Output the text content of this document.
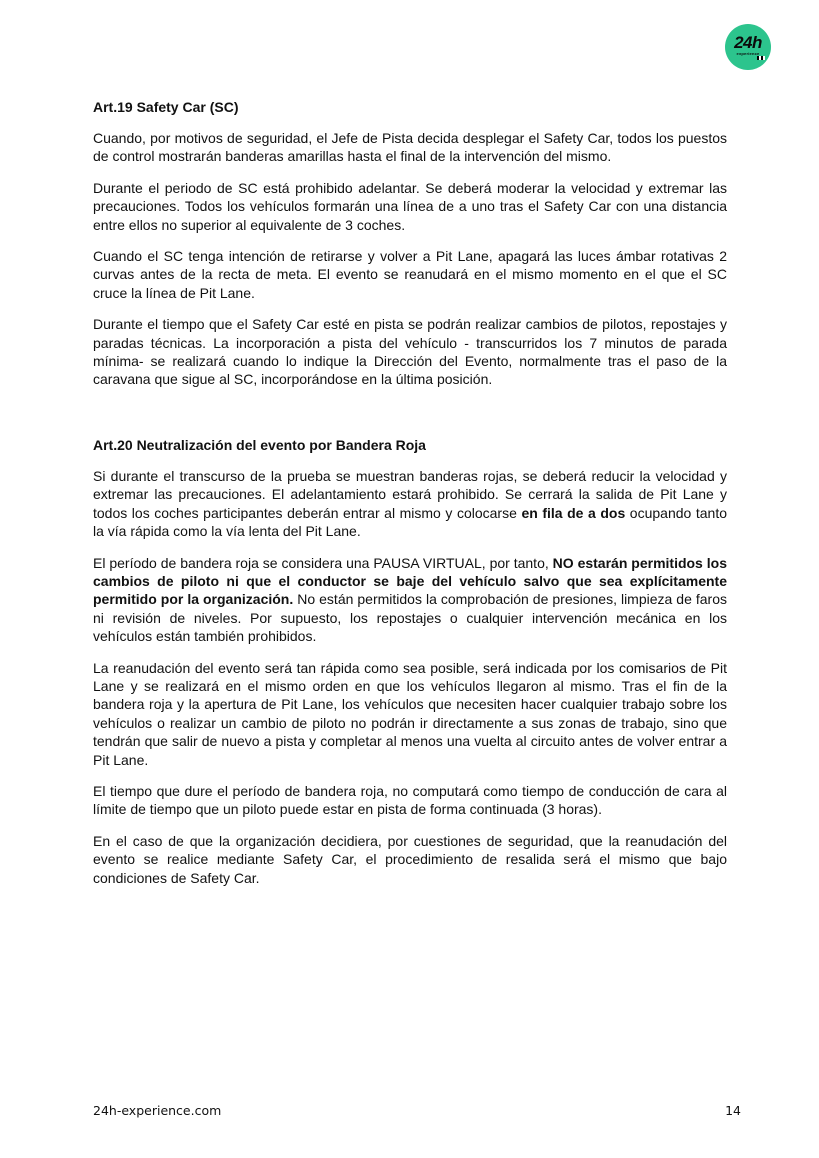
24h
experience
Art.19 Safety Car (SC)

Cuando, por motivos de seguridad, el Jefe de Pista decida desplegar el Safety Car, todos los puestos de control mostrarán banderas amarillas hasta el final de la intervención del mismo.

Durante el periodo de SC está prohibido adelantar. Se deberá moderar la velocidad y extremar las precauciones. Todos los vehículos formarán una línea de a uno tras el Safety Car con una distancia entre ellos no superior al equivalente de 3 coches.

Cuando el SC tenga intención de retirarse y volver a Pit Lane, apagará las luces ámbar rotativas 2 curvas antes de la recta de meta. El evento se reanudará en el mismo momento en el que el SC cruce la línea de Pit Lane.

Durante el tiempo que el Safety Car esté en pista se podrán realizar cambios de pilotos, repostajes y paradas técnicas. La incorporación a pista del vehículo - transcurridos los 7 minutos de parada mínima- se realizará cuando lo indique la Dirección del Evento, normalmente tras el paso de la caravana que sigue al SC, incorporándose en la última posición.

Art.20 Neutralización del evento por Bandera Roja

Si durante el transcurso de la prueba se muestran banderas rojas, se deberá reducir la velocidad y extremar las precauciones. El adelantamiento estará prohibido. Se cerrará la salida de Pit Lane y todos los coches participantes deberán entrar al mismo y colocarse en fila de a dos ocupando tanto la vía rápida como la vía lenta del Pit Lane.

El período de bandera roja se considera una PAUSA VIRTUAL, por tanto, NO estarán permitidos los cambios de piloto ni que el conductor se baje del vehículo salvo que sea explícitamente permitido por la organización. No están permitidos la comprobación de presiones, limpieza de faros ni revisión de niveles. Por supuesto, los repostajes o cualquier intervención mecánica en los vehículos están también prohibidos.

La reanudación del evento será tan rápida como sea posible, será indicada por los comisarios de Pit Lane y se realizará en el mismo orden en que los vehículos llegaron al mismo. Tras el fin de la bandera roja y la apertura de Pit Lane, los vehículos que necesiten hacer cualquier trabajo sobre los vehículos o realizar un cambio de piloto no podrán ir directamente a sus zonas de trabajo, sino que tendrán que salir de nuevo a pista y completar al menos una vuelta al circuito antes de volver entrar a Pit Lane.

El tiempo que dure el período de bandera roja, no computará como tiempo de conducción de cara al límite de tiempo que un piloto puede estar en pista de forma continuada (3 horas).

En el caso de que la organización decidiera, por cuestiones de seguridad, que la reanudación del evento se realice mediante Safety Car, el procedimiento de resalida será el mismo que bajo condiciones de Safety Car.

24h-experience.com	14
